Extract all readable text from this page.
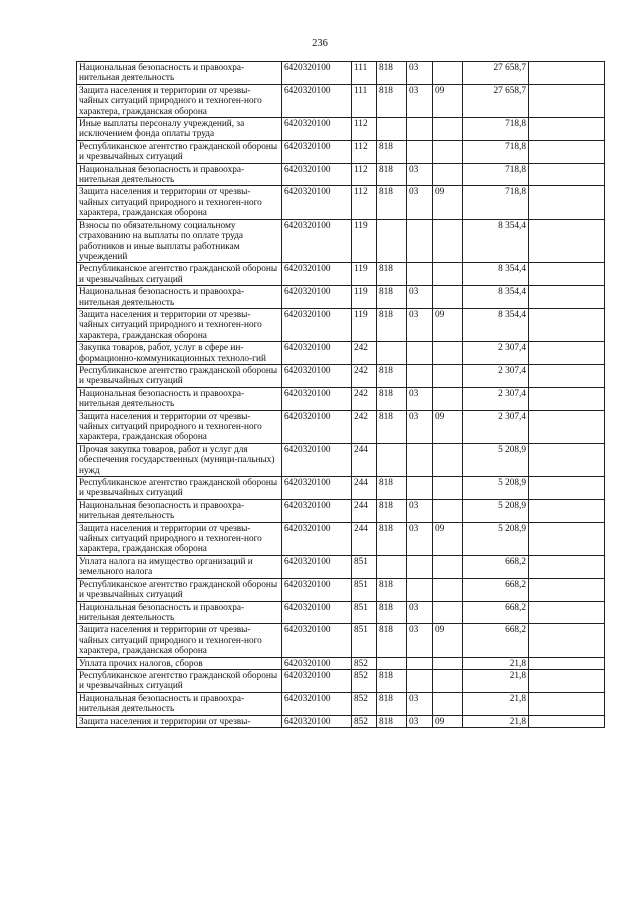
236
Национальная безопасность и правоохра-нительная деятельность	6420320100	111	818	03		27 658,7	
Защита населения и территории от чрезвы-чайных ситуаций природного и техноген-ного характера, гражданская оборона	6420320100	111	818	03	09	27 658,7	
Иные выплаты персоналу учреждений, за исключением фонда оплаты труда	6420320100	112				718,8	
Республиканское агентство гражданской обороны и чрезвычайных ситуаций	6420320100	112	818			718,8	
Национальная безопасность и правоохра-нительная деятельность	6420320100	112	818	03		718,8	
Защита населения и территории от чрезвы-чайных ситуаций природного и техноген-ного характера, гражданская оборона	6420320100	112	818	03	09	718,8	
Взносы по обязательному социальному страхованию на выплаты по оплате труда работников и иные выплаты работникам учреждений	6420320100	119				8 354,4	
Республиканское агентство гражданской обороны и чрезвычайных ситуаций	6420320100	119	818			8 354,4	
Национальная безопасность и правоохра-нительная деятельность	6420320100	119	818	03		8 354,4	
Защита населения и территории от чрезвы-чайных ситуаций природного и техноген-ного характера, гражданская оборона	6420320100	119	818	03	09	8 354,4	
Закупка товаров, работ, услуг в сфере ин-формационно-коммуникационных техноло-гий	6420320100	242				2 307,4	
Республиканское агентство гражданской обороны и чрезвычайных ситуаций	6420320100	242	818			2 307,4	
Национальная безопасность и правоохра-нительная деятельность	6420320100	242	818	03		2 307,4	
Защита населения и территории от чрезвы-чайных ситуаций природного и техноген-ного характера, гражданская оборона	6420320100	242	818	03	09	2 307,4	
Прочая закупка товаров, работ и услуг для обеспечения государственных (муници-пальных) нужд	6420320100	244				5 208,9	
Республиканское агентство гражданской обороны и чрезвычайных ситуаций	6420320100	244	818			5 208,9	
Национальная безопасность и правоохра-нительная деятельность	6420320100	244	818	03		5 208,9	
Защита населения и территории от чрезвы-чайных ситуаций природного и техноген-ного характера, гражданская оборона	6420320100	244	818	03	09	5 208,9	
Уплата налога на имущество организаций и земельного налога	6420320100	851				668,2	
Республиканское агентство гражданской обороны и чрезвычайных ситуаций	6420320100	851	818			668,2	
Национальная безопасность и правоохра-нительная деятельность	6420320100	851	818	03		668,2	
Защита населения и территории от чрезвы-чайных ситуаций природного и техноген-ного характера, гражданская оборона	6420320100	851	818	03	09	668,2	
Уплата прочих налогов, сборов	6420320100	852				21,8	
Республиканское агентство гражданской обороны и чрезвычайных ситуаций	6420320100	852	818			21,8	
Национальная безопасность и правоохра-нительная деятельность	6420320100	852	818	03		21,8	
Защита населения и территории от чрезвы-	6420320100	852	818	03	09	21,8	
